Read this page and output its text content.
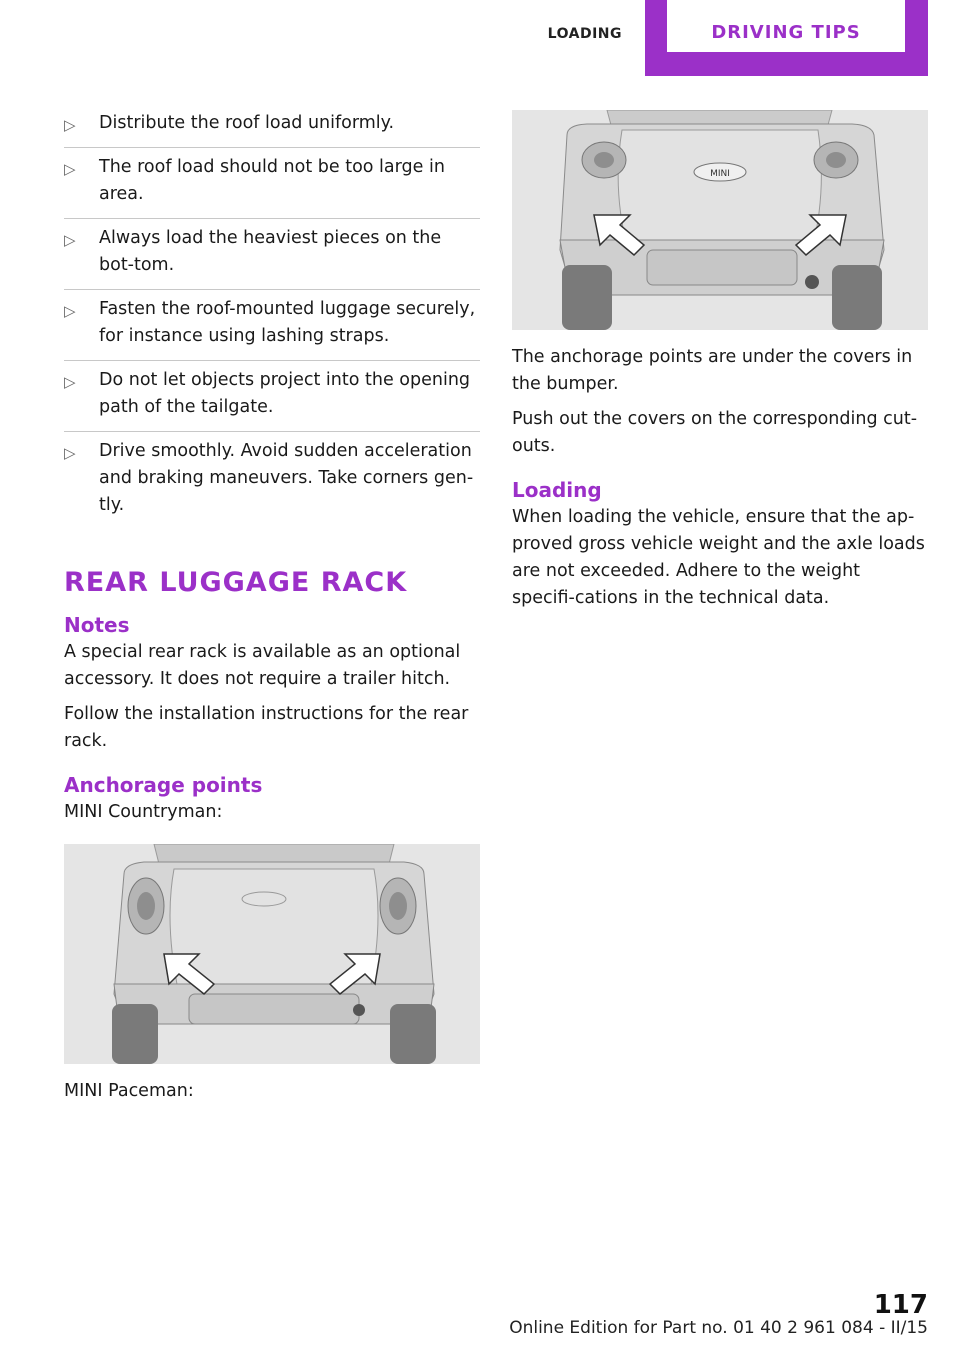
LOADING	DRIVING TIPS
▷ Distribute the roof load uniformly.
▷ The roof load should not be too large in area.
▷ Always load the heaviest pieces on the bot‐tom.
▷ Fasten the roof-mounted luggage securely, for instance using lashing straps.
▷ Do not let objects project into the opening path of the tailgate.
▷ Drive smoothly. Avoid sudden acceleration and braking maneuvers. Take corners gen‐tly.
REAR LUGGAGE RACK
Notes

A special rear rack is available as an optional accessory. It does not require a trailer hitch.

Follow the installation instructions for the rear rack.

Anchorage points

MINI Countryman:

MINI Paceman:

MINI

The anchorage points are under the covers in the bumper.

Push out the covers on the corresponding cut‐outs.

Loading

When loading the vehicle, ensure that the ap‐proved gross vehicle weight and the axle loads are not exceeded. Adhere to the weight specifi‐cations in the technical data.

117
Online Edition for Part no. 01 40 2 961 084 - II/15
